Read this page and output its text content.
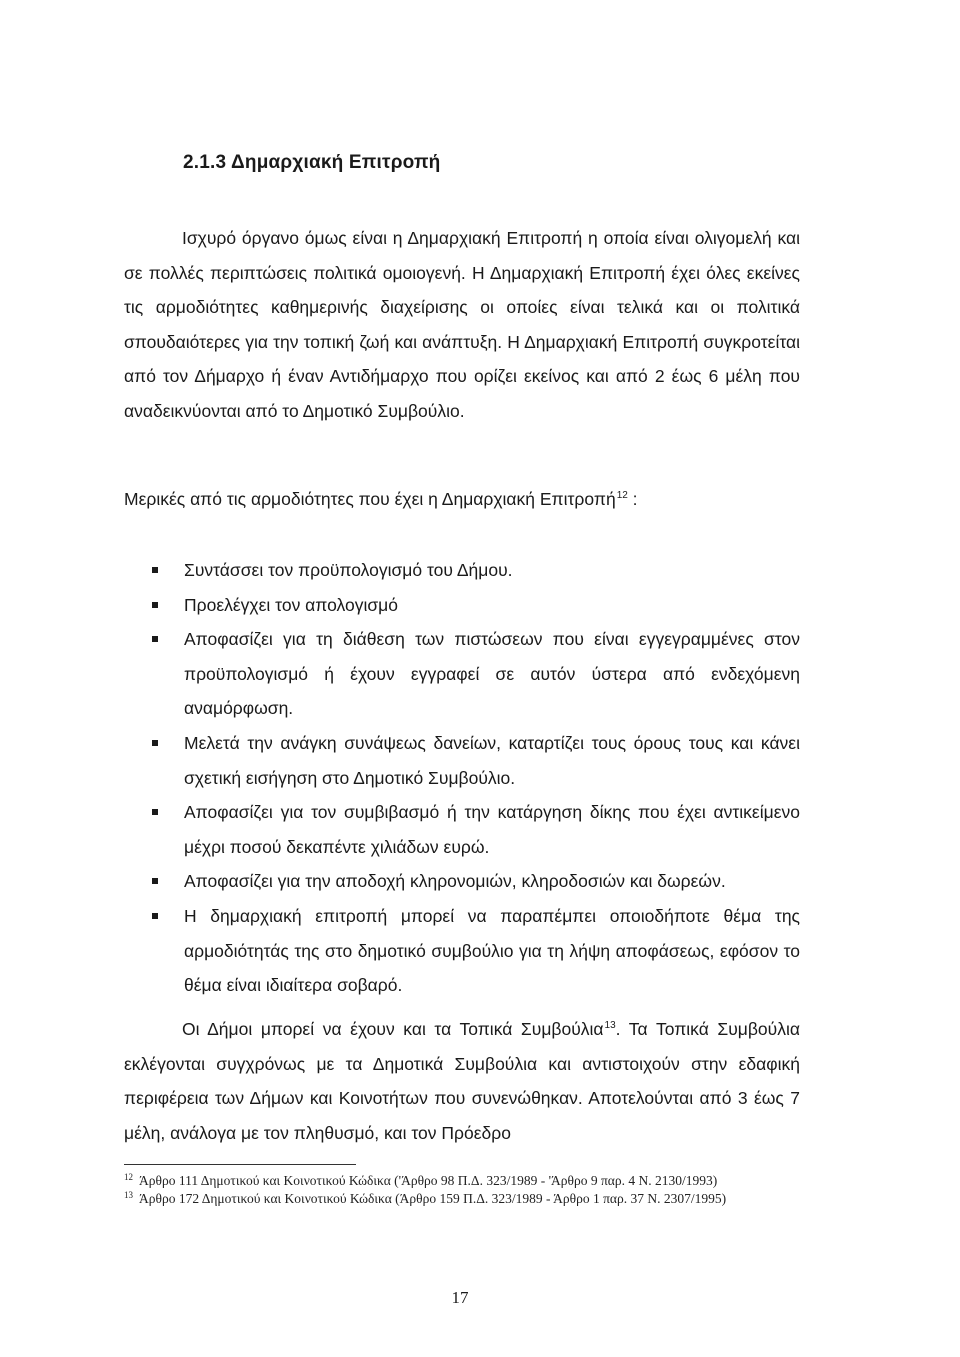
2.1.3 Δημαρχιακή Επιτροπή

Ισχυρό όργανο όμως είναι η Δημαρχιακή Επιτροπή η οποία είναι ολιγομελή και σε πολλές περιπτώσεις πολιτικά ομοιογενή. Η Δημαρχιακή Επιτροπή έχει όλες εκείνες τις αρμοδιότητες καθημερινής διαχείρισης οι οποίες είναι τελικά και οι πολιτικά σπουδαιότερες για την τοπική ζωή και ανάπτυξη. Η Δημαρχιακή Επιτροπή συγκροτείται από τον Δήμαρχο ή έναν Αντιδήμαρχο που ορίζει εκείνος και από 2 έως 6 μέλη που αναδεικνύονται από το Δημοτικό Συμβούλιο.

Μερικές από τις αρμοδιότητες που έχει η Δημαρχιακή Επιτροπή$^{12}$ :

Συντάσσει τον προϋπολογισμό του Δήμου.
Προελέγχει τον απολογισμό
Αποφασίζει για τη διάθεση των πιστώσεων που είναι εγγεγραμμένες στον προϋπολογισμό ή έχουν εγγραφεί σε αυτόν ύστερα από ενδεχόμενη αναμόρφωση.
Μελετά την ανάγκη συνάψεως δανείων, καταρτίζει τους όρους τους και κάνει σχετική εισήγηση στο Δημοτικό Συμβούλιο.
Αποφασίζει για τον συμβιβασμό ή την κατάργηση δίκης που έχει αντικείμενο μέχρι ποσού δεκαπέντε χιλιάδων ευρώ.
Αποφασίζει για την αποδοχή κληρονομιών, κληροδοσιών και δωρεών.
Η δημαρχιακή επιτροπή μπορεί να παραπέμπει οποιοδήποτε θέμα της αρμοδιότητάς της στο δημοτικό συμβούλιο για τη λήψη αποφάσεως, εφόσον το θέμα είναι ιδιαίτερα σοβαρό.

Οι Δήμοι μπορεί να έχουν και τα Τοπικά Συμβούλια$^{13}$. Τα Τοπικά Συμβούλια εκλέγονται συγχρόνως με τα Δημοτικά Συμβούλια και αντιστοιχούν στην εδαφική περιφέρεια των Δήμων και Κοινοτήτων που συνενώθηκαν. Αποτελούνται από 3 έως 7 μέλη, ανάλογα με τον πληθυσμό, και τον Πρόεδρο

$^{12}$ Άρθρο 111 Δημοτικού και Κοινοτικού Κώδικα ('Άρθρο 98 Π.Δ. 323/1989 - 'Άρθρο 9 παρ. 4 Ν. 2130/1993)
$^{13}$ Άρθρο 172 Δημοτικού και Κοινοτικού Κώδικα (Άρθρο 159 Π.Δ. 323/1989 - Άρθρο 1 παρ. 37 Ν. 2307/1995)
17
